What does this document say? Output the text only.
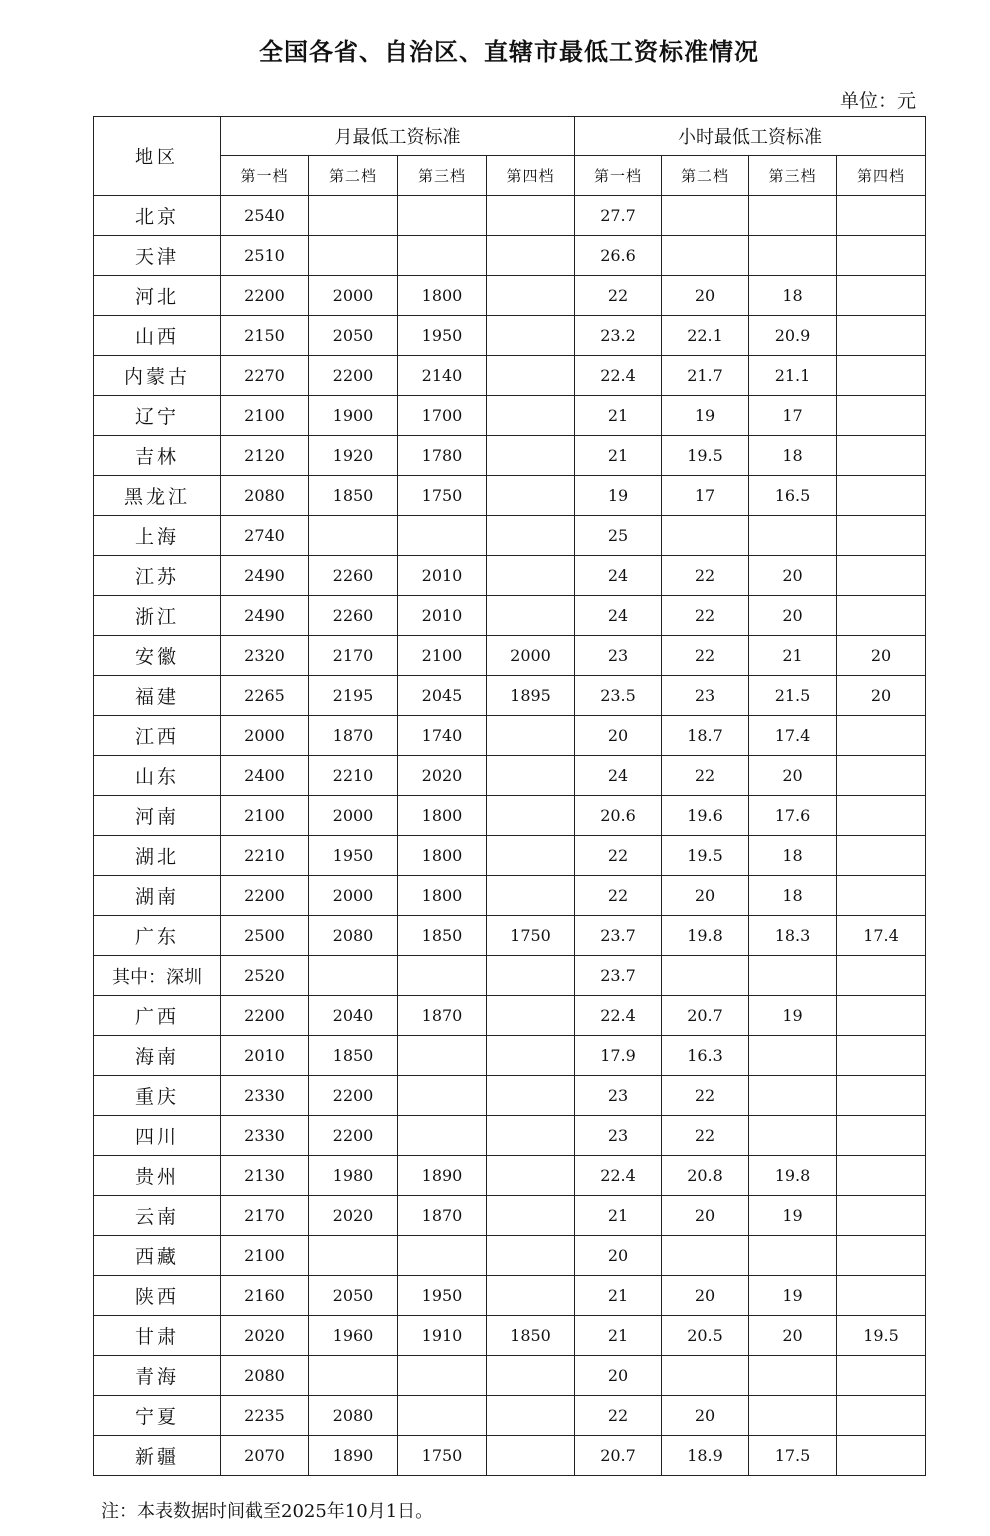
全国各省、自治区、直辖市最低工资标准情况
单位：元
地区	月最低工资标准				小时最低工资标准			
	第一档	第二档	第三档	第四档	第一档	第二档	第三档	第四档
北京	2540				27.7			
天津	2510				26.6			
河北	2200	2000	1800		22	20	18	
山西	2150	2050	1950		23.2	22.1	20.9	
内蒙古	2270	2200	2140		22.4	21.7	21.1	
辽宁	2100	1900	1700		21	19	17	
吉林	2120	1920	1780		21	19.5	18	
黑龙江	2080	1850	1750		19	17	16.5	
上海	2740				25			
江苏	2490	2260	2010		24	22	20	
浙江	2490	2260	2010		24	22	20	
安徽	2320	2170	2100	2000	23	22	21	20
福建	2265	2195	2045	1895	23.5	23	21.5	20
江西	2000	1870	1740		20	18.7	17.4	
山东	2400	2210	2020		24	22	20	
河南	2100	2000	1800		20.6	19.6	17.6	
湖北	2210	1950	1800		22	19.5	18	
湖南	2200	2000	1800		22	20	18	
广东	2500	2080	1850	1750	23.7	19.8	18.3	17.4
其中：深圳	2520				23.7			
广西	2200	2040	1870		22.4	20.7	19	
海南	2010	1850			17.9	16.3		
重庆	2330	2200			23	22		
四川	2330	2200			23	22		
贵州	2130	1980	1890		22.4	20.8	19.8	
云南	2170	2020	1870		21	20	19	
西藏	2100				20			
陕西	2160	2050	1950		21	20	19	
甘肃	2020	1960	1910	1850	21	20.5	20	19.5
青海	2080				20			
宁夏	2235	2080			22	20		
新疆	2070	1890	1750		20.7	18.9	17.5	
注：本表数据时间截至2025年10月1日。
